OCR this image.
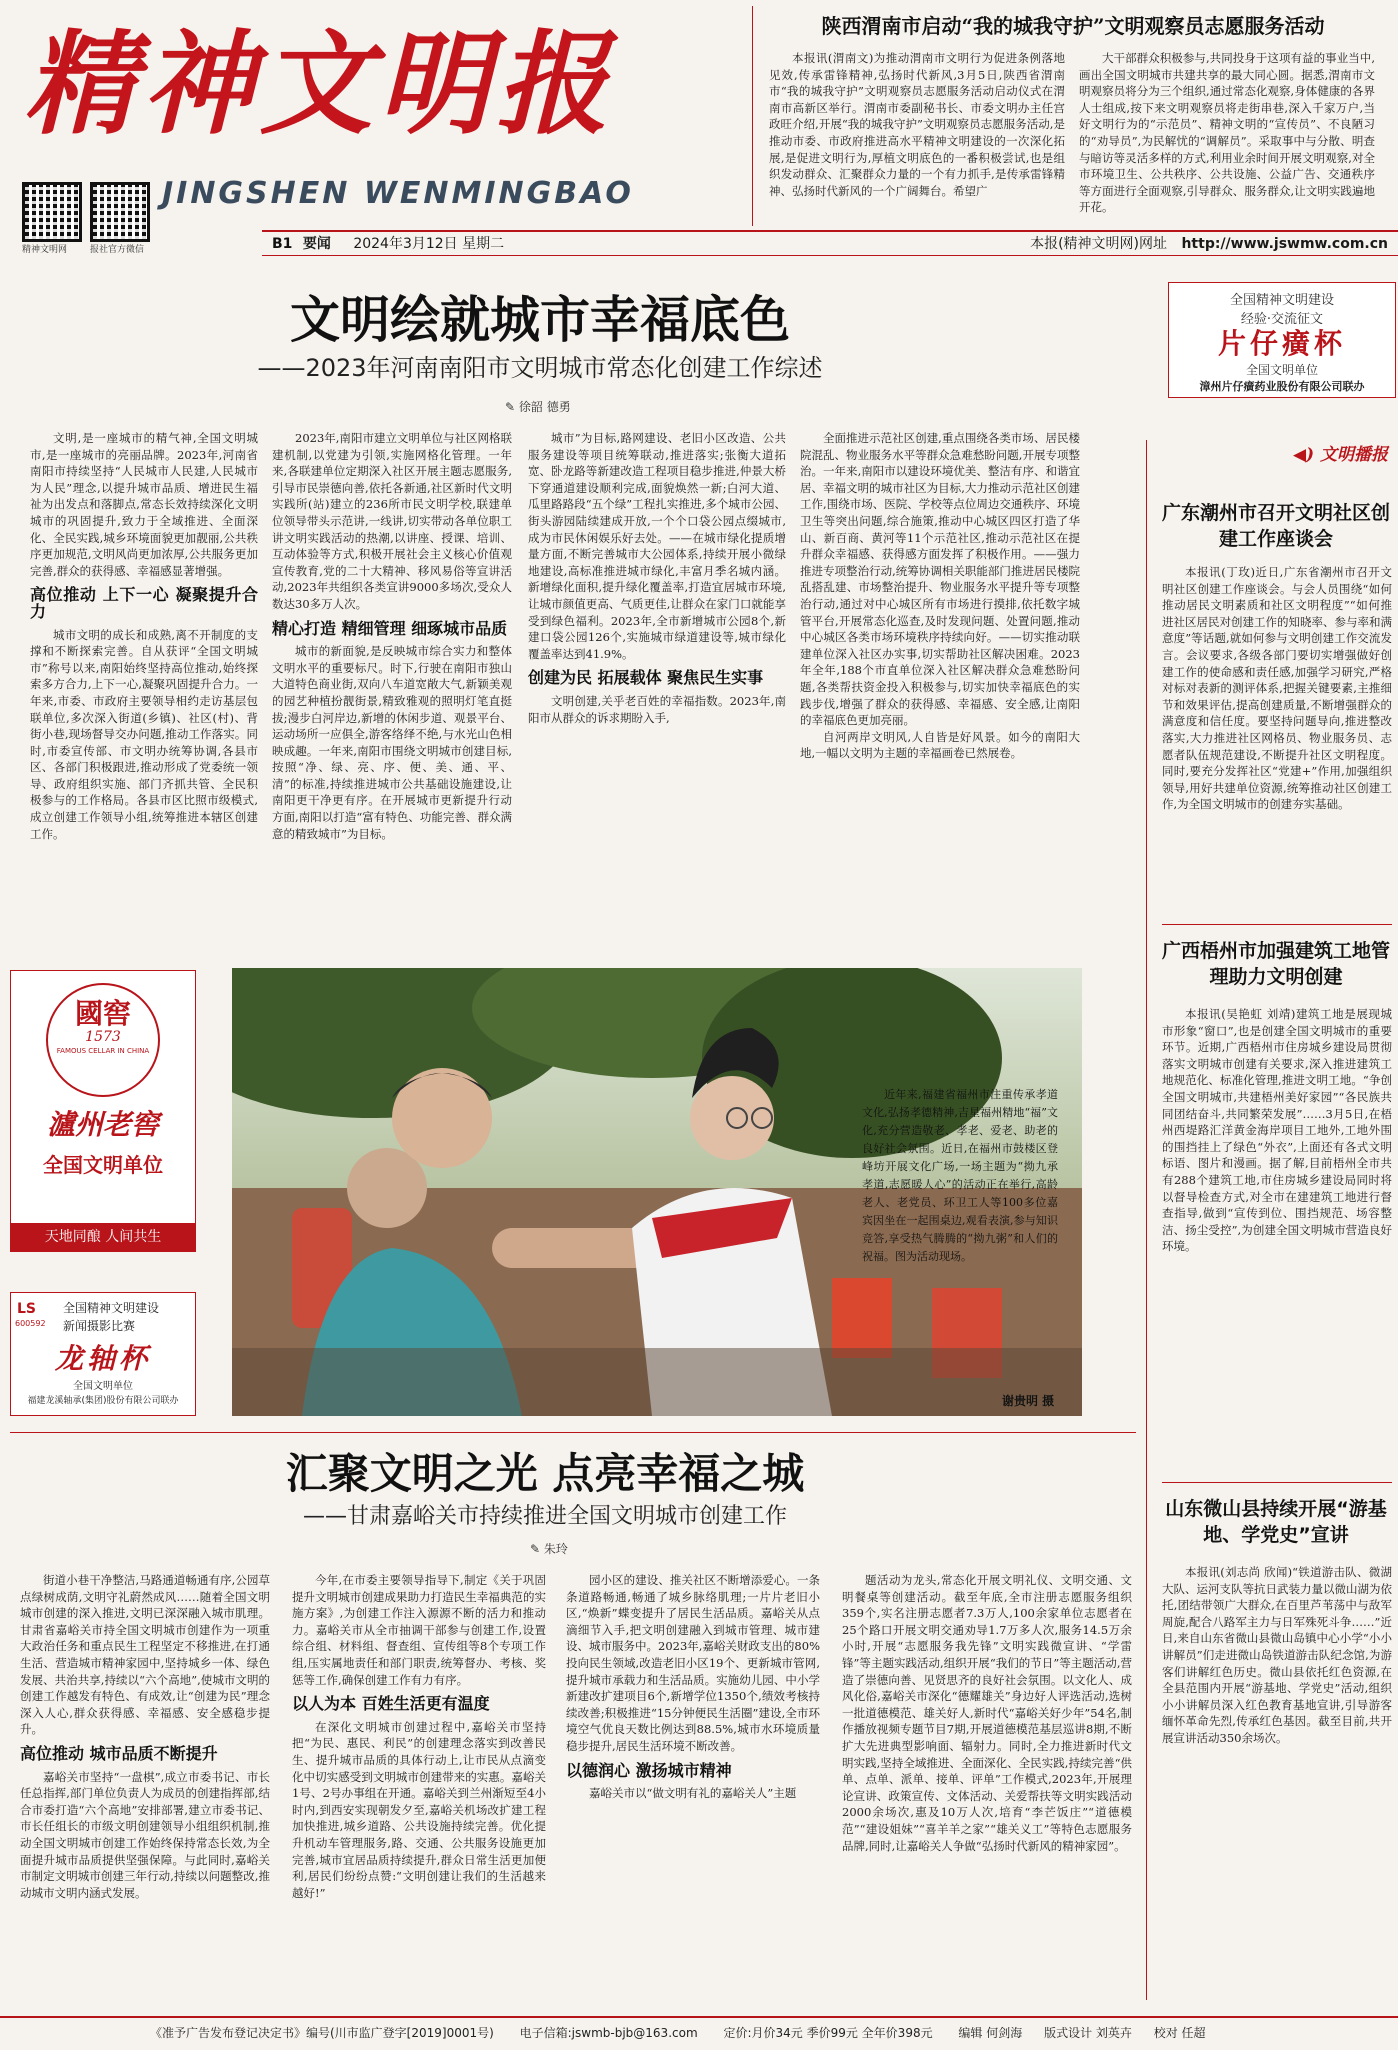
精神文明报
JINGSHEN WENMINGBAO
精神文明网	报社官方微信	B1 要闻 2024年3月12日 星期二	本报(精神文明网)网址 http://www.jswmw.com.cn
陕西渭南市启动“我的城我守护”文明观察员志愿服务活动

本报讯(渭南文)为推动渭南市文明行为促进条例落地见效,传承雷锋精神,弘扬时代新风,3月5日,陕西省渭南市“我的城我守护”文明观察员志愿服务活动启动仪式在渭南市高新区举行。渭南市委副秘书长、市委文明办主任宫政旺介绍,开展“我的城我守护”文明观察员志愿服务活动,是推动市委、市政府推进高水平精神文明建设的一次深化拓展,是促进文明行为,厚植文明底色的一番积极尝试,也是组织发动群众、汇聚群众力量的一个有力抓手,是传承雷锋精神、弘扬时代新风的一个广阔舞台。希望广

大干部群众积极参与,共同投身于这项有益的事业当中,画出全国文明城市共建共享的最大同心圆。据悉,渭南市文明观察员将分为三个组织,通过常态化观察,身体健康的各界人士组成,按下来文明观察员将走街串巷,深入千家万户,当好文明行为的“示范员”、精神文明的“宣传员”、不良陋习的“劝导员”,为民解忧的“调解员”。采取事中与分散、明查与暗访等灵活多样的方式,利用业余时间开展文明观察,对全市环境卫生、公共秩序、公共设施、公益广告、交通秩序等方面进行全面观察,引导群众、服务群众,让文明实践遍地开花。

文明绘就城市幸福底色
——2023年河南南阳市文明城市常态化创建工作综述
✎ 徐韶 德勇

文明,是一座城市的精气神,全国文明城市,是一座城市的亮丽品牌。2023年,河南省南阳市持续坚持“人民城市人民建,人民城市为人民”理念,以提升城市品质、增进民生福祉为出发点和落脚点,常态长效持续深化文明城市的巩固提升,致力于全域推进、全面深化、全民实践,城乡环境面貌更加靓丽,公共秩序更加规范,文明风尚更加浓厚,公共服务更加完善,群众的获得感、幸福感显著增强。

高位推动 上下一心 凝聚提升合力

城市文明的成长和成熟,离不开制度的支撑和不断探索完善。自从获评“全国文明城市”称号以来,南阳始终坚持高位推动,始终探索多方合力,上下一心,凝聚巩固提升合力。一年来,市委、市政府主要领导相约走访基层包联单位,多次深入街道(乡镇)、社区(村)、背街小巷,现场督导交办问题,推动工作落实。同时,市委宣传部、市文明办统筹协调,各县市区、各部门积极跟进,推动形成了党委统一领导、政府组织实施、部门齐抓共管、全民积极参与的工作格局。各县市区比照市级模式,成立创建工作领导小组,统筹推进本辖区创建工作。

2023年,南阳市建立文明单位与社区网格联建机制,以党建为引领,实施网格化管理。一年来,各联建单位定期深入社区开展主题志愿服务,引导市民崇德向善,依托各新通,社区新时代文明实践所(站)建立的236所市民文明学校,联建单位领导带头示范讲,一线讲,切实带动各单位职工讲文明实践活动的热潮,以讲座、授课、培训、互动体验等方式,积极开展社会主义核心价值观宣传教育,党的二十大精神、移风易俗等宣讲活动,2023年共组织各类宣讲9000多场次,受众人数达30多万人次。

精心打造 精细管理 细琢城市品质

城市的新面貌,是反映城市综合实力和整体文明水平的重要标尺。时下,行驶在南阳市独山大道特色商业街,双向八车道宽敞大气,新颖美观的园艺种植扮靓街景,精致雅观的照明灯笔直挺拔;漫步白河岸边,新增的休闲步道、观景平台、运动场所一应俱全,游客络绎不绝,与水光山色相映成趣。一年来,南阳市围绕文明城市创建目标,按照“净、绿、亮、序、便、美、通、平、清”的标准,持续推进城市公共基础设施建设,让南阳更干净更有序。在开展城市更新提升行动方面,南阳以打造“富有特色、功能完善、群众满意的精致城市”为目标。

城市”为目标,路网建设、老旧小区改造、公共服务建设等项目统筹联动,推进落实;张衡大道拓宽、卧龙路等新建改造工程项目稳步推进,仲景大桥下穿通道建设顺利完成,面貌焕然一新;白河大道、瓜里路路段“五个绿”工程扎实推进,多个城市公园、街头游园陆续建成开放,一个个口袋公园点缀城市,成为市民休闲娱乐好去处。——在城市绿化提质增量方面,不断完善城市大公园体系,持续开展小微绿地建设,高标准推进城市绿化,丰富月季名城内涵。新增绿化面积,提升绿化覆盖率,打造宜居城市环境,让城市颜值更高、气质更佳,让群众在家门口就能享受到绿色福利。2023年,全市新增城市公园8个,新建口袋公园126个,实施城市绿道建设等,城市绿化覆盖率达到41.9%。

创建为民 拓展载体 聚焦民生实事

文明创建,关乎老百姓的幸福指数。2023年,南阳市从群众的诉求期盼入手,

全面推进示范社区创建,重点围绕各类市场、居民楼院混乱、物业服务水平等群众急难愁盼问题,开展专项整治。一年来,南阳市以建设环境优美、整洁有序、和谐宜居、幸福文明的城市社区为目标,大力推动示范社区创建工作,围绕市场、医院、学校等点位周边交通秩序、环境卫生等突出问题,综合施策,推动中心城区四区打造了华山、新百商、黄河等11个示范社区,推动示范社区在提升群众幸福感、获得感方面发挥了积极作用。——强力推进专项整治行动,统筹协调相关职能部门推进居民楼院乱搭乱建、市场整治提升、物业服务水平提升等专项整治行动,通过对中心城区所有市场进行摸排,依托数字城管平台,开展常态化巡查,及时发现问题、处置问题,推动中心城区各类市场环境秩序持续向好。——切实推动联建单位深入社区办实事,切实帮助社区解决困难。2023年全年,188个市直单位深入社区解决群众急难愁盼问题,各类帮扶资金投入积极参与,切实加快幸福底色的实践步伐,增强了群众的获得感、幸福感、安全感,让南阳的幸福底色更加亮丽。

自河两岸文明风,人自皆是好风景。如今的南阳大地,一幅以文明为主题的幸福画卷已然展卷。

全国精神文明建设
经验·交流征文
片仔癀杯
全国文明单位
漳州片仔癀药业股份有限公司联办
◀) 文明播报
广东潮州市召开文明社区创建工作座谈会

本报讯(丁玫)近日,广东省潮州市召开文明社区创建工作座谈会。与会人员围绕“如何推动居民文明素质和社区文明程度”“如何推进社区居民对创建工作的知晓率、参与率和满意度”等话题,就如何参与文明创建工作交流发言。会议要求,各级各部门要切实增强做好创建工作的使命感和责任感,加强学习研究,严格对标对表新的测评体系,把握关键要素,主推细节和效果评估,提高创建质量,不断增强群众的满意度和信任度。要坚持问题导向,推进整改落实,大力推进社区网格员、物业服务员、志愿者队伍规范建设,不断提升社区文明程度。同时,要充分发挥社区“党建+”作用,加强组织领导,用好共建单位资源,统筹推动社区创建工作,为全国文明城市的创建夯实基础。

广西梧州市加强建筑工地管理助力文明创建

本报讯(吴艳虹 刘靖)建筑工地是展现城市形象“窗口”,也是创建全国文明城市的重要环节。近期,广西梧州市住房城乡建设局贯彻落实文明城市创建有关要求,深入推进建筑工地规范化、标准化管理,推进文明工地。“争创全国文明城市,共建梧州美好家园”“各民族共同团结奋斗,共同繁荣发展”……3月5日,在梧州西堤路汇洋黄金海岸项目工地外,工地外围的围挡挂上了绿色“外衣”,上面还有各式文明标语、图片和漫画。据了解,目前梧州全市共有288个建筑工地,市住房城乡建设局同时将以督导检查方式,对全市在建建筑工地进行督查指导,做到“宣传到位、围挡规范、场容整洁、扬尘受控”,为创建全国文明城市营造良好环境。

山东微山县持续开展“游基地、学党史”宣讲

本报讯(刘志尚 欣闻)“铁道游击队、微湖大队、运河支队等抗日武装力量以微山湖为依托,团结带领广大群众,在百里芦苇荡中与敌军周旋,配合八路军主力与日军殊死斗争……”近日,来自山东省微山县微山岛镇中心小学“小小讲解员”们走进微山岛铁道游击队纪念馆,为游客们讲解红色历史。微山县依托红色资源,在全县范围内开展“游基地、学党史”活动,组织小小讲解员深入红色教育基地宣讲,引导游客缅怀革命先烈,传承红色基因。截至目前,共开展宣讲活动350余场次。

國窖
1573
FAMOUS CELLAR IN CHINA
瀘州老窖
全国文明单位
天地同酿 人间共生
LS
600592
全国精神文明建设
新闻摄影比赛
龙轴杯
全国文明单位
福建龙溪轴承(集团)股份有限公司联办
近年来,福建省福州市注重传承孝道文化,弘扬孝德精神,吉星福州精地“福”文化,充分营造敬老、孝老、爱老、助老的良好社会氛围。近日,在福州市鼓楼区登峰坊开展文化广场,一场主题为“拗九承孝道,志愿暖人心”的活动正在举行,高龄老人、老党员、环卫工人等100多位嘉宾因坐在一起围桌边,观看表演,参与知识竞答,享受热气腾腾的“拗九粥”和人们的祝福。图为活动现场。
谢贵明 摄
汇聚文明之光 点亮幸福之城
——甘肃嘉峪关市持续推进全国文明城市创建工作
✎ 朱玲

街道小巷干净整洁,马路通道畅通有序,公园草点绿树成荫,文明守礼蔚然成风……随着全国文明城市创建的深入推进,文明已深深融入城市肌理。甘肃省嘉峪关市持全国文明城市创建作为一项重大政治任务和重点民生工程坚定不移推进,在打通生活、营造城市精神家园中,坚持城乡一体、绿色发展、共治共享,持续以“六个高地”,使城市文明的创建工作越发有特色、有成效,让“创建为民”理念深入人心,群众获得感、幸福感、安全感稳步提升。

高位推动 城市品质不断提升

嘉峪关市坚持“一盘棋”,成立市委书记、市长任总指挥,部门单位负责人为成员的创建指挥部,结合市委打造“六个高地”安排部署,建立市委书记、市长任组长的市级文明创建领导小组组织机制,推动全国文明城市创建工作始终保持常态长效,为全面提升城市品质提供坚强保障。与此同时,嘉峪关市制定文明城市创建三年行动,持续以问题整改,推动城市文明内涵式发展。

今年,在市委主要领导指导下,制定《关于巩固提升文明城市创建成果助力打造民生幸福典范的实施方案》,为创建工作注入源源不断的活力和推动力。嘉峪关市从全市抽调干部参与创建工作,设置综合组、材料组、督查组、宣传组等8个专项工作组,压实属地责任和部门职责,统筹督办、考核、奖惩等工作,确保创建工作有力有序。

以人为本 百姓生活更有温度

在深化文明城市创建过程中,嘉峪关市坚持把“为民、惠民、利民”的创建理念落实到改善民生、提升城市品质的具体行动上,让市民从点滴变化中切实感受到文明城市创建带来的实惠。嘉峪关1号、2号办事组在开通。嘉峪关到兰州渐短至4小时内,到西安实现朝发夕至,嘉峪关机场改扩建工程加快推进,城乡道路、公共设施持续完善。优化提升机动车管理服务,路、交通、公共服务设施更加完善,城市宜居品质持续提升,群众日常生活更加便利,居民们纷纷点赞:“文明创建让我们的生活越来越好!”

园小区的建设、推关社区不断增添爱心。一条条道路畅通,畅通了城乡脉络肌理;一片片老旧小区,“焕新”蝶变提升了居民生活品质。嘉峪关从点滴细节入手,把文明创建融入到城市管理、城市建设、城市服务中。2023年,嘉峪关财政支出的80%投向民生领域,改造老旧小区19个、更新城市管网,提升城市承载力和生活品质。实施幼儿园、中小学新建改扩建项目6个,新增学位1350个,绩效考核持续改善;积极推进“15分钟便民生活圈”建设,全市环境空气优良天数比例达到88.5%,城市水环境质量稳步提升,居民生活环境不断改善。

以德润心 激扬城市精神

嘉峪关市以“做文明有礼的嘉峪关人”主题

题活动为龙头,常态化开展文明礼仪、文明交通、文明餐桌等创建活动。截至年底,全市注册志愿服务组织359个,实名注册志愿者7.3万人,100余家单位志愿者在25个路口开展文明交通劝导1.7万多人次,服务14.5万余小时,开展“志愿服务我先锋”文明实践微宣讲、“学雷锋”等主题实践活动,组织开展“我们的节日”等主题活动,营造了崇德向善、见贤思齐的良好社会氛围。以文化人、成风化俗,嘉峪关市深化“德耀雄关”身边好人评选活动,选树一批道德模范、雄关好人,新时代“嘉峪关好少年”54名,制作播放视频专题节目7期,开展道德模范基层巡讲8期,不断扩大先进典型影响面、辐射力。同时,全力推进新时代文明实践,坚持全域推进、全面深化、全民实践,持续完善“供单、点单、派单、接单、评单”工作模式,2023年,开展理论宣讲、政策宣传、文体活动、关爱帮扶等文明实践活动2000余场次,惠及10万人次,培育“李芒饭庄”“道德模范”“建设姐妹”“喜羊羊之家”“雄关义工”等特色志愿服务品牌,同时,让嘉峪关人争做“弘扬时代新风的精神家园”。

《准予广告发布登记决定书》编号(川市监广登字[2019]0001号) 电子信箱:jswmb-bjb@163.com 定价:月价34元 季价99元 全年价398元 编辑 何剑海 版式设计 刘英卉 校对 任超
